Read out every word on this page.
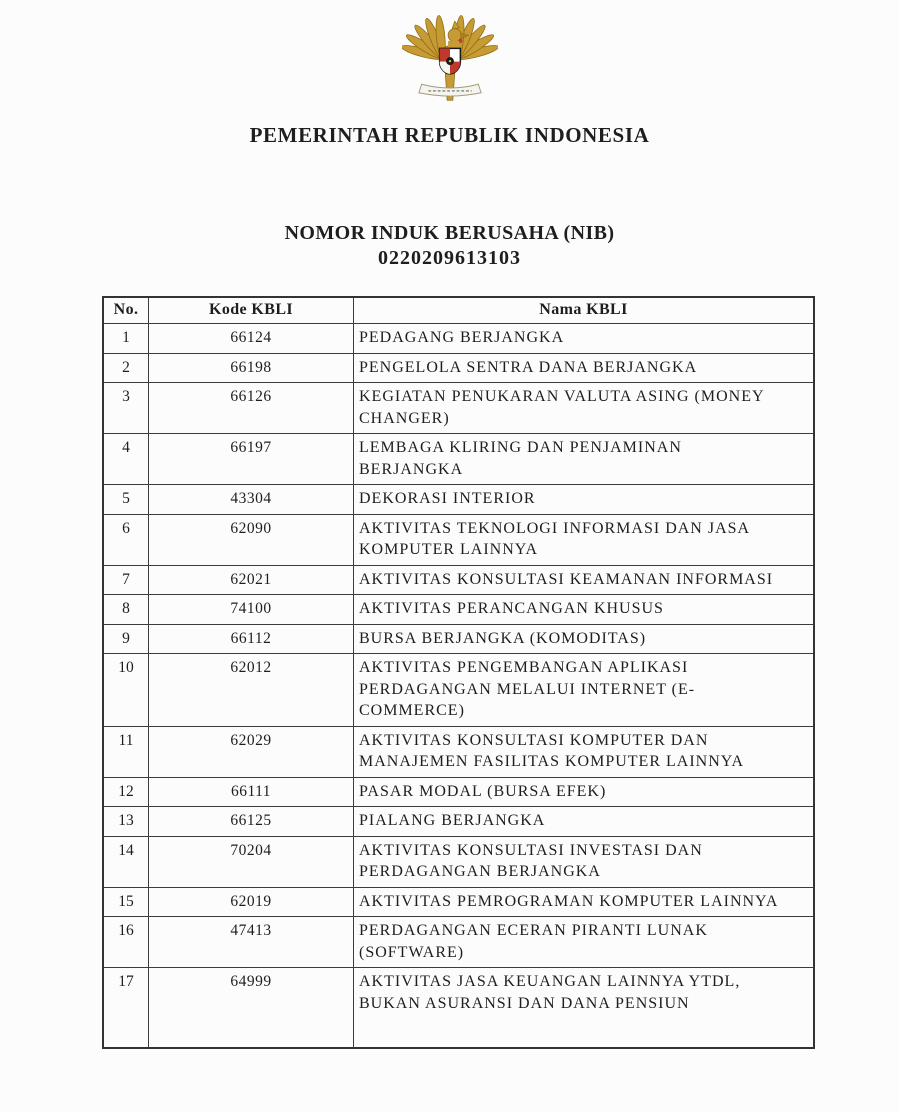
PEMERINTAH REPUBLIK INDONESIA
NOMOR INDUK BERUSAHA (NIB)
0220209613103
No.	Kode KBLI	Nama KBLI

1	66124	PEDAGANG BERJANGKA

2	66198	PENGELOLA SENTRA DANA BERJANGKA

3	66126	KEGIATAN PENUKARAN VALUTA ASING (MONEY
CHANGER)

4	66197	LEMBAGA KLIRING DAN PENJAMINAN
BERJANGKA

5	43304	DEKORASI INTERIOR

6	62090	AKTIVITAS TEKNOLOGI INFORMASI DAN JASA
KOMPUTER LAINNYA

7	62021	AKTIVITAS KONSULTASI KEAMANAN INFORMASI

8	74100	AKTIVITAS PERANCANGAN KHUSUS

9	66112	BURSA BERJANGKA (KOMODITAS)

10	62012	AKTIVITAS PENGEMBANGAN APLIKASI
PERDAGANGAN MELALUI INTERNET (E-
COMMERCE)

11	62029	AKTIVITAS KONSULTASI KOMPUTER DAN
MANAJEMEN FASILITAS KOMPUTER LAINNYA

12	66111	PASAR MODAL (BURSA EFEK)

13	66125	PIALANG BERJANGKA

14	70204	AKTIVITAS KONSULTASI INVESTASI DAN
PERDAGANGAN BERJANGKA

15	62019	AKTIVITAS PEMROGRAMAN KOMPUTER LAINNYA

16	47413	PERDAGANGAN ECERAN PIRANTI LUNAK
(SOFTWARE)

17	64999	AKTIVITAS JASA KEUANGAN LAINNYA YTDL,
BUKAN ASURANSI DAN DANA PENSIUN
